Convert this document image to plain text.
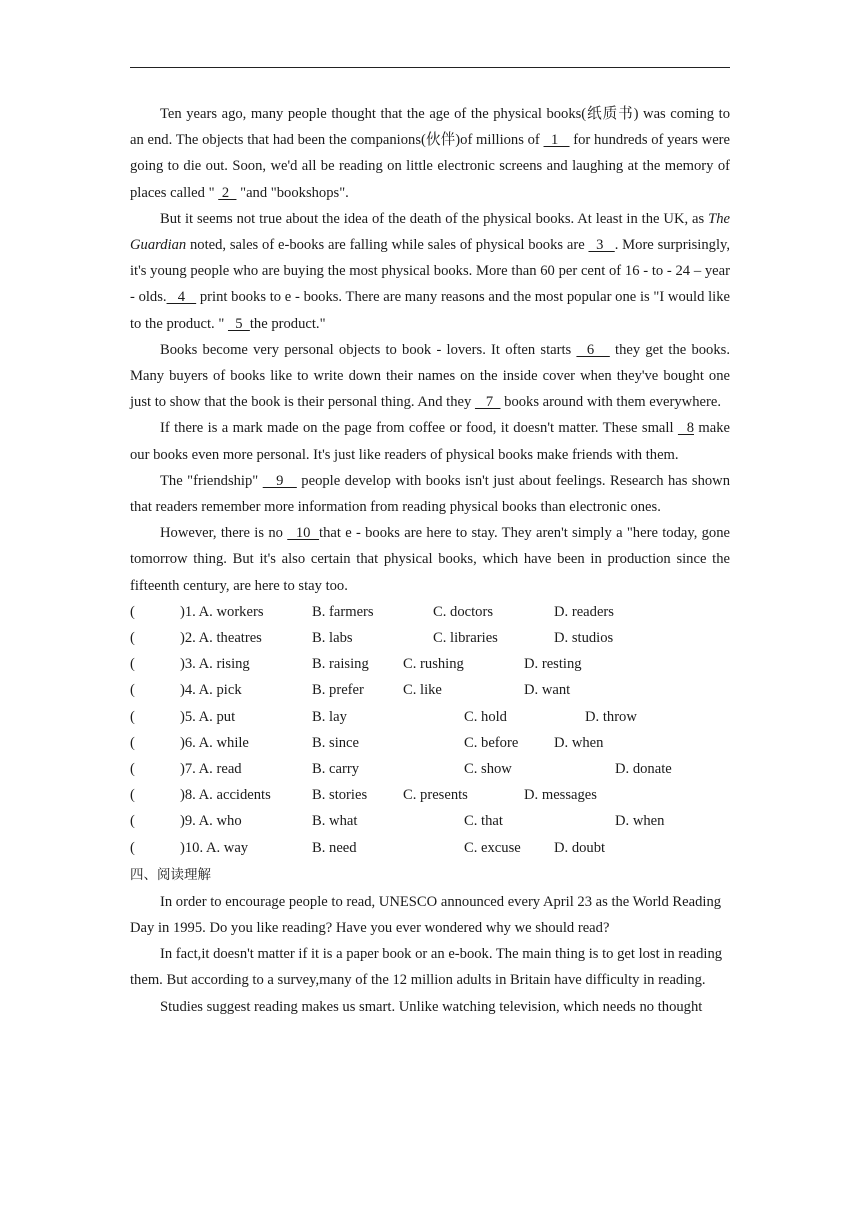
Ten years ago, many people thought that the age of the physical books(纸质书) was coming to an end. The objects that had been the companions(伙伴)of millions of   1    for hundreds of years were going to die out. Soon, we'd all be reading on little electronic screens and laughing at the memory of places called "  2   "and "bookshops".

But it seems not true about the idea of the death of the physical books. At least in the UK, as The Guardian noted, sales of e-books are falling while sales of physical books are   3   . More surprisingly, it's young people who are buying the most physical books. More than 60 per cent of 16 - to - 24 – year - olds.   4    print books to e - books. There are many reasons and the most popular one is "I would like to the product. "   5  the product."

Books become very personal objects to book - lovers. It often starts   6    they get the books. Many buyers of books like to write down their names on the inside cover when they've bought one just to show that the book is their personal thing. And they    7   books around with them everywhere.

If there is a mark made on the page from coffee or food, it doesn't matter. These small   8 make our books even more personal. It's just like readers of physical books make friends with them.

The "friendship"    9    people develop with books isn't just about feelings. Research has shown that readers remember more information from reading physical books than electronic ones.

However, there is no   10  that e - books are here to stay. They aren't simply a "here today, gone tomorrow thing. But it's also certain that physical books, which have been in production since the fifteenth century, are here to stay too.

(	)1. A. workers	B. farmers	C. doctors	D. readers
(	)2. A. theatres	B. labs	C. libraries	D. studios
(	)3. A. rising	B. raising C. rushing	D. resting
(	)4. A. pick	B. prefer	C. like	D. want
(	)5. A. put	B. lay	C. hold	D. throw
(	)6. A. while	B. since	C. before D. when
(	)7. A. read	B. carry	C. show	D. donate
(	)8. A. accidents	B. stories C. presents	D. messages
(	)9. A. who	B. what	C. that	D. when
(	)10. A. way	B. need	C. excuse D. doubt

四、阅读理解

In order to encourage people to read, UNESCO announced every April 23 as the World Reading Day in 1995. Do you like reading? Have you ever wondered why we should read?

In fact,it doesn't matter if it is a paper book or an e-book. The main thing is to get lost in reading them. But according to a survey,many of the 12 million adults in Britain have difficulty in reading.

Studies suggest reading makes us smart. Unlike watching television, which needs no thought
